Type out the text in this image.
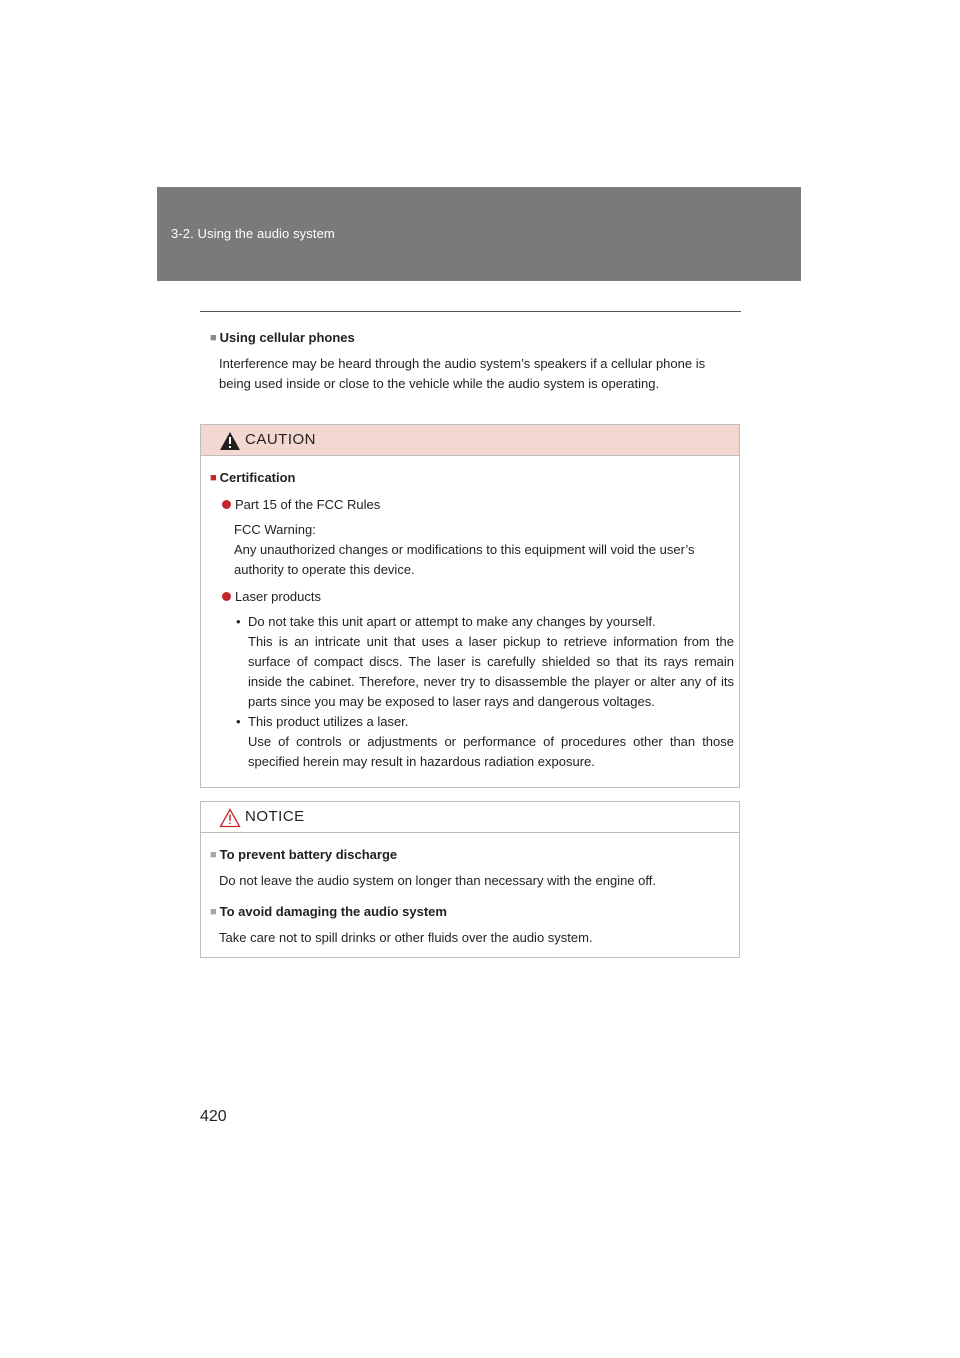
3-2. Using the audio system
■ Using cellular phones
Interference may be heard through the audio system’s speakers if a cellular phone is being used inside or close to the vehicle while the audio system is operating.
CAUTION
■ Certification
Part 15 of the FCC Rules
FCC Warning:
Any unauthorized changes or modifications to this equipment will void the user’s authority to operate this device.
Laser products
• Do not take this unit apart or attempt to make any changes by yourself.
This is an intricate unit that uses a laser pickup to retrieve information from the surface of compact discs. The laser is carefully shielded so that its rays remain inside the cabinet. Therefore, never try to disassemble the player or alter any of its parts since you may be exposed to laser rays and dangerous voltages.
• This product utilizes a laser.
Use of controls or adjustments or performance of procedures other than those specified herein may result in hazardous radiation exposure.
NOTICE
■ To prevent battery discharge
Do not leave the audio system on longer than necessary with the engine off.
■ To avoid damaging the audio system
Take care not to spill drinks or other fluids over the audio system.
420
